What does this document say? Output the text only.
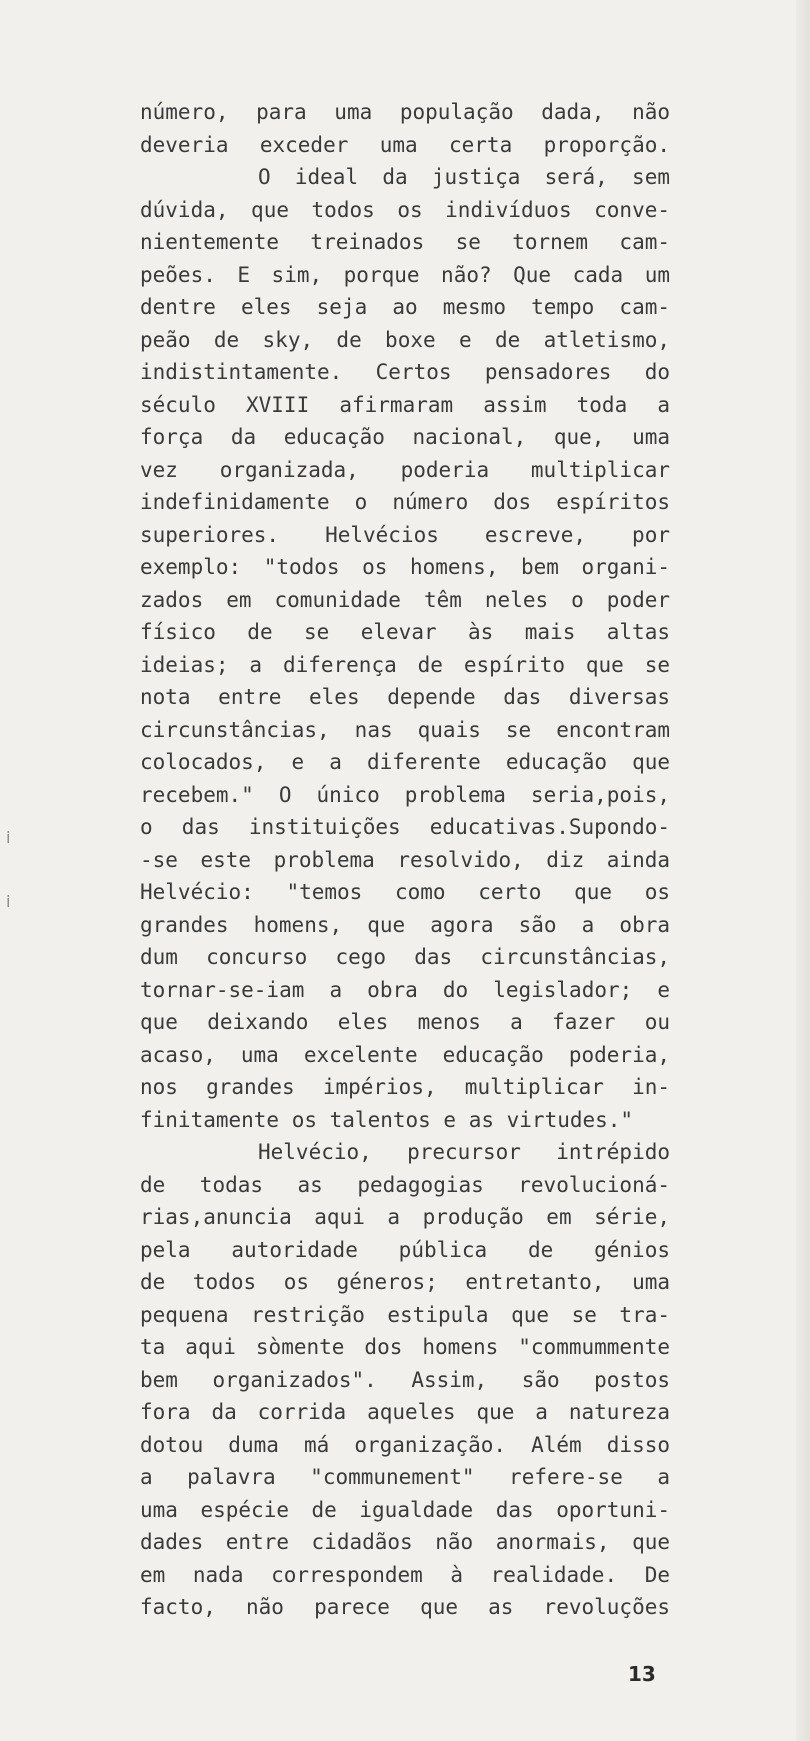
ⅰ
ⅰ
número, para uma população dada, não
deveria exceder uma certa proporção.
O ideal da justiça será, sem
dúvida, que todos os indivíduos conve-
nientemente treinados se tornem cam-
peões. E sim, porque não? Que cada um
dentre eles seja ao mesmo tempo cam-
peão de sky, de boxe e de atletismo,
indistintamente. Certos pensadores do
século XVIII afirmaram assim toda a
força da educação nacional, que, uma
vez organizada, poderia multiplicar
indefinidamente o número dos espíritos
superiores. Helvécios escreve, por
exemplo: "todos os homens, bem organi-
zados em comunidade têm neles o poder
físico de se elevar às mais altas
ideias; a diferença de espírito que se
nota entre eles depende das diversas
circunstâncias, nas quais se encontram
colocados, e a diferente educação que
recebem." O único problema seria,pois,
o das instituições educativas.Supondo-
-se este problema resolvido, diz ainda
Helvécio: "temos como certo que os
grandes homens, que agora são a obra
dum concurso cego das circunstâncias,
tornar-se-iam a obra do legislador; e
que deixando eles menos a fazer ou
acaso, uma excelente educação poderia,
nos grandes impérios, multiplicar in-
finitamente os talentos e as virtudes."
Helvécio, precursor intrépido
de todas as pedagogias revolucioná-
rias,anuncia aqui a produção em série,
pela autoridade pública de génios
de todos os géneros; entretanto, uma
pequena restrição estipula que se tra-
ta aqui sòmente dos homens "commummente
bem organizados". Assim, são postos
fora da corrida aqueles que a natureza
dotou duma má organização. Além disso
a palavra "communement" refere-se a
uma espécie de igualdade das oportuni-
dades entre cidadãos não anormais, que
em nada correspondem à realidade. De
facto, não parece que as revoluções
13
